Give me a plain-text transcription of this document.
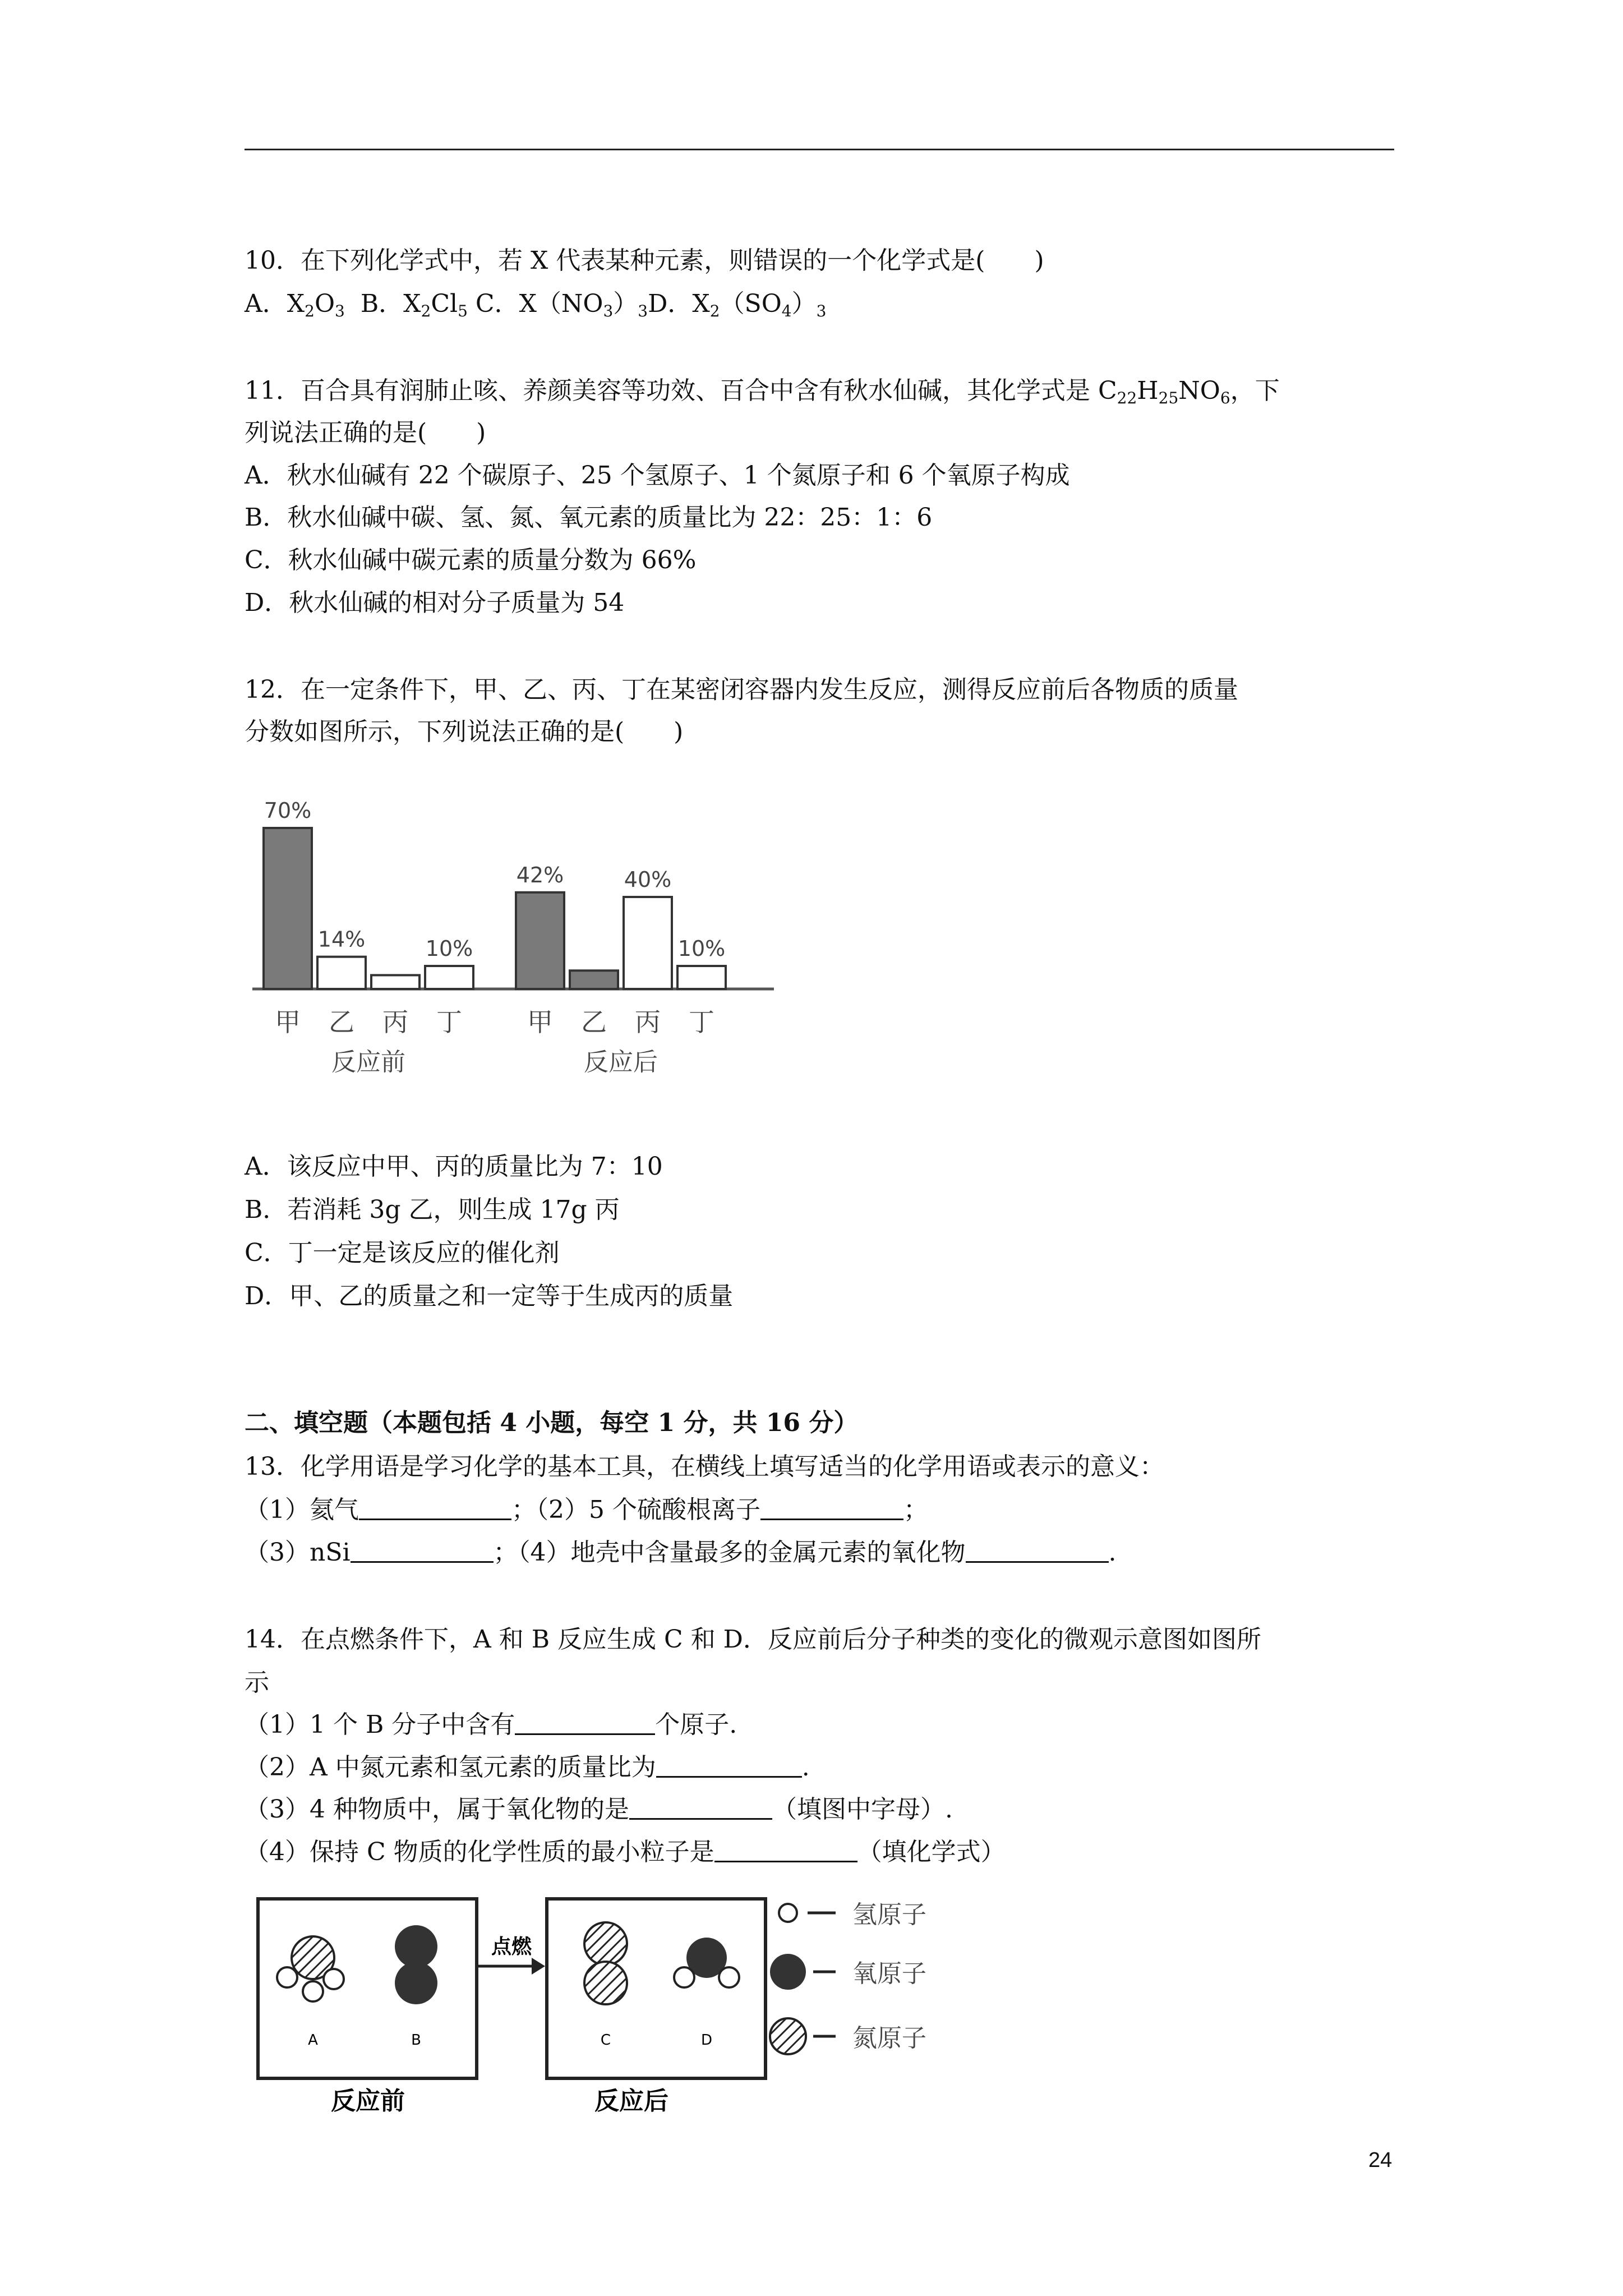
10．在下列化学式中，若 X 代表某种元素，则错误的一个化学式是(　　)
A．$X_2O_3$ B．$X_2Cl_5$ C．$X(NO_3)_3D$．$X_2(SO_4)_3$
11．百合具有润肺止咳、养颜美容等功效、百合中含有秋水仙碱，其化学式是 $C_{22}H_{25}NO_6$，下
列说法正确的是(　　)
A．秋水仙碱有 22 个碳原子、25 个氢原子、1 个氮原子和 6 个氧原子构成
B．秋水仙碱中碳、氢、氮、氧元素的质量比为 22：25：1：6
C．秋水仙碱中碳元素的质量分数为 66%
D．秋水仙碱的相对分子质量为 54
12．在一定条件下，甲、乙、丙、丁在某密闭容器内发生反应，测得反应前后各物质的质量
分数如图所示，下列说法正确的是(　　)
70%
甲
14%
乙 丙
10%
丁
反应前
42%
甲 乙
40%
丙
10%
丁
反应后
A．该反应中甲、丙的质量比为 7：10
B．若消耗 3g 乙，则生成 17g 丙
C．丁一定是该反应的催化剂
D．甲、乙的质量之和一定等于生成丙的质量
二、填空题（本题包括 4 小题，每空 1 分，共 16 分）
13．化学用语是学习化学的基本工具，在横线上填写适当的化学用语或表示的意义：
（1）氦气	；（2）5 个硫酸根离子	；
（3）nSi	；（4）地壳中含量最多的金属元素的氧化物	.
14．在点燃条件下，A 和 B 反应生成 C 和 D．反应前后分子种类的变化的微观示意图如图所
示
（1）1 个 B 分子中含有	个原子.
（2）A 中氮元素和氢元素的质量比为	.
（3）4 种物质中，属于氧化物的是	（填图中字母）.
（4）保持 C 物质的化学性质的最小粒子是	（填化学式）
A	B
反应前
点燃
C	D
反应后
氢原子
氧原子
氮原子
24
